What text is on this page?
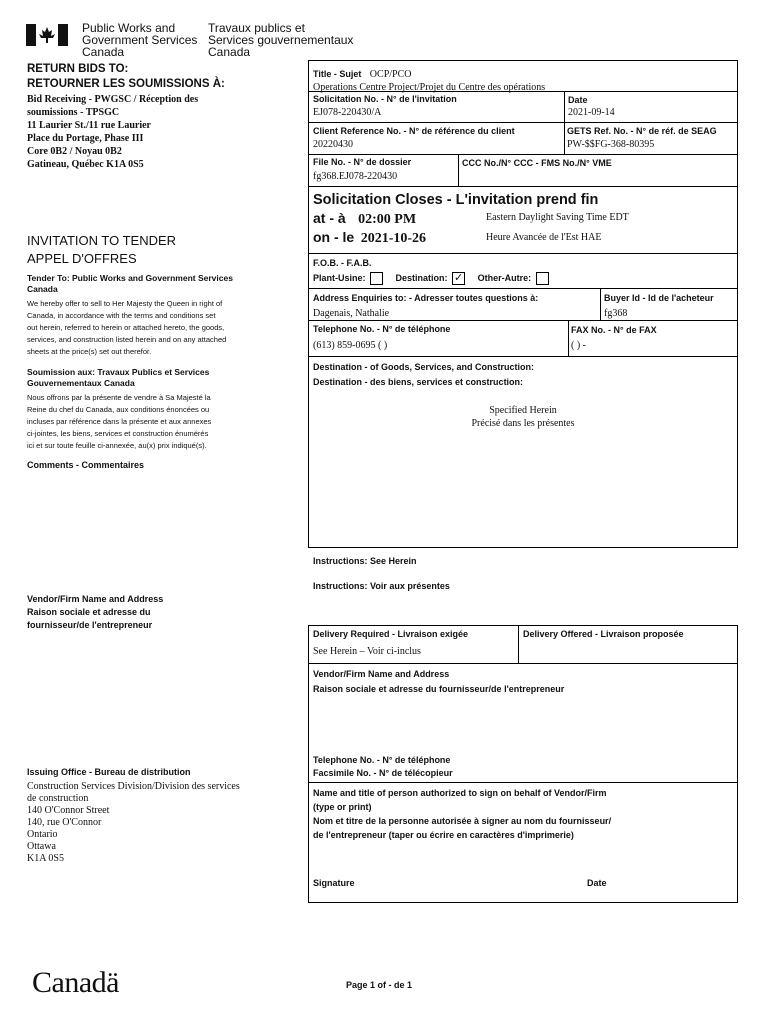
Public Works and
Government Services
Canada
Travaux publics et
Services gouvernementaux
Canada
RETURN BIDS TO:
RETOURNER LES SOUMISSIONS À:
Bid Receiving - PWGSC / Réception des
soumissions - TPSGC
11 Laurier St./11 rue Laurier
Place du Portage, Phase III
Core 0B2 / Noyau 0B2
Gatineau, Québec K1A 0S5
INVITATION TO TENDER
APPEL D'OFFRES
Tender To: Public Works and Government Services
Canada
We hereby offer to sell to Her Majesty the Queen in right of
Canada, in accordance with the terms and conditions set
out herein, referred to herein or attached hereto, the goods,
services, and construction listed herein and on any attached
sheets at the price(s) set out therefor.
Soumission aux: Travaux Publics et Services
Gouvernementaux Canada
Nous offrons par la présente de vendre à Sa Majesté la
Reine du chef du Canada, aux conditions énoncées ou
incluses par référence dans la présente et aux annexes
ci-jointes, les biens, services et construction énumérés
ici et sur toute feuille ci-annexée, au(x) prix indiqué(s).
Comments - Commentaires
Vendor/Firm Name and Address
Raison sociale et adresse du
fournisseur/de l'entrepreneur
Issuing Office - Bureau de distribution
Construction Services Division/Division des services
de construction
140 O'Connor Street
140, rue O'Connor
Ontario
Ottawa
K1A 0S5
Title - Sujet OCP/PCO
Operations Centre Project/Projet du Centre des opérations
Solicitation No. - N° de l'invitation
EJ078-220430/A
Date
2021-09-14
Client Reference No. - N° de référence du client
20220430
GETS Ref. No. - N° de réf. de SEAG
PW-$$FG-368-80395
File No. - N° de dossier
fg368.EJ078-220430
CCC No./N° CCC - FMS No./N° VME
Solicitation Closes - L'invitation prend fin
at - à 02:00 PM
on - le 2021-10-26
Eastern Daylight Saving Time EDT
Heure Avancée de l'Est HAE
F.O.B. - F.A.B.
Plant-Usine:	Destination: ✓ Other-Autre:
Address Enquiries to: - Adresser toutes questions à:
Dagenais, Nathalie
Buyer Id - Id de l'acheteur
fg368
Telephone No. - N° de téléphone
(613) 859-0695 ( )
FAX No. - N° de FAX
( ) -
Destination - of Goods, Services, and Construction:
Destination - des biens, services et construction:
Specified Herein
Précisé dans les présentes
Instructions: See Herein
Instructions: Voir aux présentes
Delivery Required - Livraison exigée
See Herein – Voir ci-inclus
Delivery Offered - Livraison proposée
Vendor/Firm Name and Address
Raison sociale et adresse du fournisseur/de l'entrepreneur
Telephone No. - N° de téléphone
Facsimile No. - N° de télécopieur
Name and title of person authorized to sign on behalf of Vendor/Firm
(type or print)
Nom et titre de la personne autorisée à signer au nom du fournisseur/
de l'entrepreneur (taper ou écrire en caractères d'imprimerie)
Signature	Date
Canadä	Page 1 of - de 1
